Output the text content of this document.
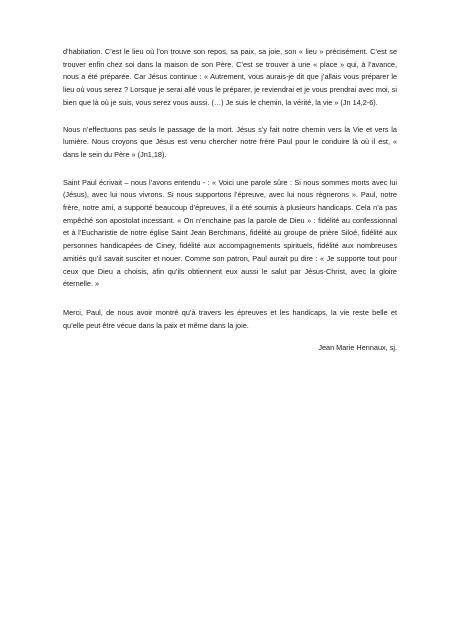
d’habitation. C’est le lieu où l’on trouve son repos, sa paix, sa joie, son « lieu » précisément. C’est se trouver enfin chez soi dans la maison de son Père. C’est se trouver à une « place » qui, à l’avance, nous a été préparée. Car Jésus continue : « Autrement, vous aurais-je dit que j’allais vous préparer le lieu où vous serez ? Lorsque je serai allé vous le préparer, je reviendrai et je vous prendrai avec moi, si bien que là où je suis, vous serez vous aussi. (…) Je suis le chemin, la vérité, la vie » (Jn 14,2-6).

Nous n’effectuons pas seuls le passage de la mort. Jésus s’y fait notre chemin vers la Vie et vers la lumière. Nous croyons que Jésus est venu chercher notre frère Paul pour le conduire là où il est, « dans le sein du Père » (Jn1,18).

Saint Paul écrivait – nous l’avons entendu - : « Voici une parole sûre : Si nous sommes morts avec lui (Jésus), avec lui nous vivrons. Si nous supportons l’épreuve, avec lui nous règnerons ». Paul, notre frère, notre ami, a supporté beaucoup d’épreuves, il a été soumis à plusieurs handicaps. Cela n’a pas empêché son apostolat incessant. « On n’enchaine pas la parole de Dieu » : fidélité au confessionnal et à l’Eucharistie de notre église Saint Jean Berchmans, fidélité au groupe de prière Siloé, fidélité aux personnes handicapées de Ciney, fidélité aux accompagnements spirituels, fidélité aux nombreuses amitiés qu’il savait susciter et nouer. Comme son patron, Paul aurait pu dire : « Je supporte tout pour ceux que Dieu a choisis, afin qu’ils obtiennent eux aussi le salut par Jésus-Christ, avec la gloire éternelle. »

Merci, Paul, de nous avoir montré qu’à travers les épreuves et les handicaps, la vie reste belle et qu’elle peut être vécue dans la paix et même dans la joie.

Jean Marie Hennaux, sj.
